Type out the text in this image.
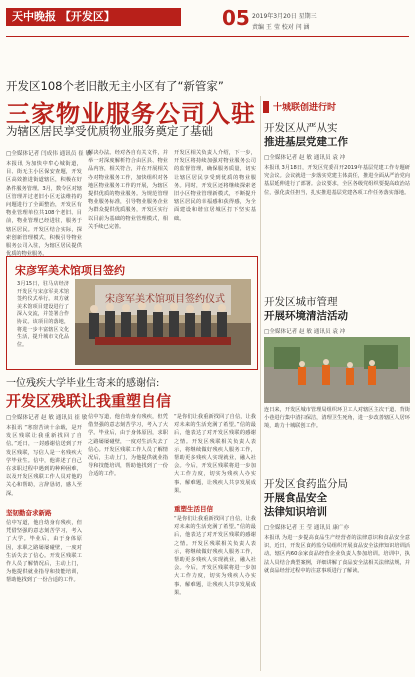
天中晚报 【开发区】	05 2019年3月20日 星期三
责编 王 莹 校对 闫 涵
开发区108个老旧散无主小区有了“新管家”
三家物业服务公司入驻
为辖区居民享受优质物业服务奠定了基础
□全媒体记者 闫成伟 通讯员 崔 敏
本报讯 为加快中牟心城街道，目、街无主小区保安查题，开发区高效推进街道辖区，积极在好条件服务管理。3月，数令区对辖区管理并过老旧小区无法维持的问题进行了全面整治，开发区有物业管理单位共108个老旧、目前，物业管理已经进驻，服务于辖区居民。开发区结合实际，探索创新管理模式，积极引导物业服务公司入驻，为辖区居民提供优质的物业服务。
解决办法。经对各自有关文件，并举一对深度解析符合由区县、物业品内容，相关符合，并在开展相关办对物业服务工作，加快组织对各地区物业服务工作的开展，为辖区提供优质的物业服务。为规范管理物业服务标准，引导物业服务企业为群众提供优质服务，开发区实行以目前为基础的物业管理模式，相关手续已完善。
开发区相关负责人介绍，下一步，开发区将持续加强对物业服务公司的监督管理，确保服务质量，切实让辖区居民享受到优质的物业服务。同时，开发区还将继续探索老旧小区物业管理新模式，不断提升辖区居民的幸福感和获得感，为全面建设和谐宜居城区打下坚实基础。
十城联创进行时
宋彦军美术馆项目签约
3月15日，驻马店经济开发区与宋彦军美术馆签约仪式举行。双方就美术馆项目建设进行了深入交流，并签署合作协议。该项目的落地，将进一步丰富辖区文化生活，提升城市文化品位。
宋彦军美术馆项目签约仪式
一位残疾大学毕业生寄来的感谢信:
开发区残联让我重塑自信
□全媒体记者 赵 敏 通讯员 崔 敏
本报讯 “寒窗苦读十余载，是开发区残联让我重新找回了自信。”近日，一封感谢信送到了开发区残联，写信人是一名残疾大学毕业生。信中，他讲述了自己在求职过程中遇到的种种困难，以及开发区残联工作人员对他的关心和帮助，言辞恳切，感人至深。
坚韧勤奋求新路
信中写道，他自幼身有残疾，但凭借坚强的意志刻苦学习，考入了大学。毕业后，由于身体原因，求职之路屡屡碰壁，一度对生活失去了信心。开发区残联工作人员了解情况后，主动上门，为他提供就业指导和技能培训，帮助他找到了一份合适的工作。
信中写道，他自幼身有残疾，但凭借坚强的意志刻苦学习，考入了大学。毕业后，由于身体原因，求职之路屡屡碰壁，一度对生活失去了信心。开发区残联工作人员了解情况后，主动上门，为他提供就业指导和技能培训，帮助他找到了一份合适的工作。
重塑生活目信
“是你们让我重新找回了自信，让我对未来的生活充满了希望。”信的最后，他表达了对开发区残联的感谢之情。开发区残联相关负责人表示，将继续做好残疾人服务工作，帮助更多残疾人实现就业，融入社会。今后，开发区残联将进一步加大工作力度，切实为残疾人办实事、解难题，让残疾人共享发展成果。
“是你们让我重新找回了自信，让我对未来的生活充满了希望。”信的最后，他表达了对开发区残联的感谢之情。开发区残联相关负责人表示，将继续做好残疾人服务工作，帮助更多残疾人实现就业，融入社会。今后，开发区残联将进一步加大工作力度，切实为残疾人办实事、解难题，让残疾人共享发展成果。
开发区从严从实
推进基层党建工作
□全媒体记者 赵 敏 通讯员 袁 冲
本报讯 3月18日，开发区党委召开2019年基层党建工作专题研究会议。会议就进一步落实党建主体责任，推进全面从严治党向基层延伸进行了部署。会议要求，全区各级党组织要提高政治站位，强化责任担当，扎实推进基层党建各项工作任务落实落地。
开发区城市管理
开展环境清洁活动
□全媒体记者 赵 敏 通讯员 袁 冲
连日来，开发区城市管理局组织环卫工人对辖区主次干道、背街小巷进行集中清扫保洁，清理卫生死角，进一步改善辖区人居环境，助力十城联创工作。
开发区食药监分局
开展食品安全
法律知识培训
□全媒体记者 王 莹 通讯员 康广亦
本报讯 为进一步提高食品生产经营者的法律意识和食品安全意识，近日，开发区食药监分局组织开展食品安全法律知识培训活动。辖区内60余家食品经营企业负责人参加培训。培训中，执法人员结合典型案例，详细讲解了食品安全法相关法律法规，并就食品经营过程中的注意事项进行了解读。
